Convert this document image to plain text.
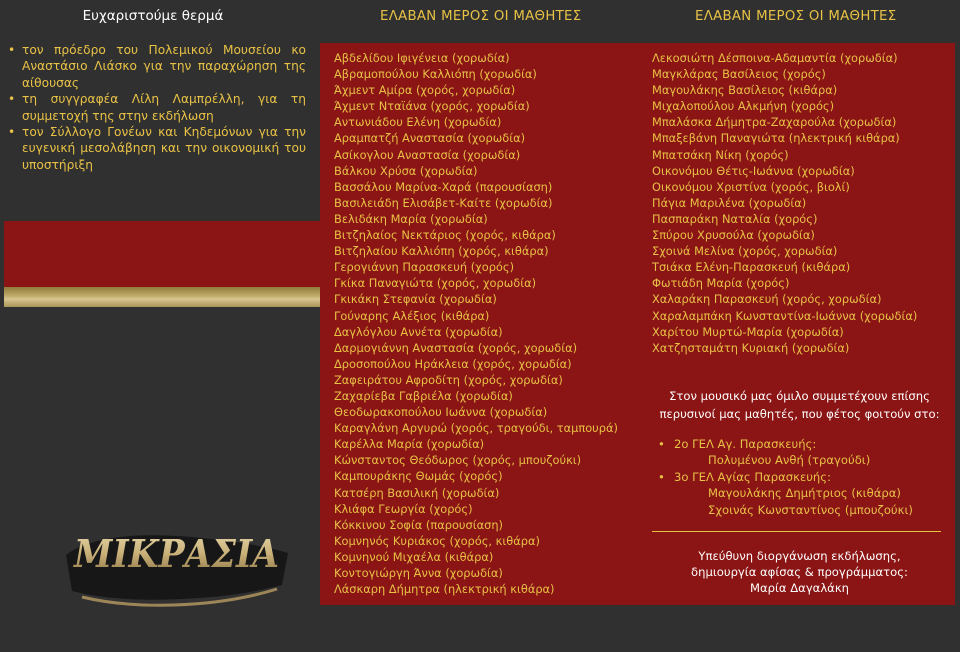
Ευχαριστούμε θερμά
• τον πρόεδρο του Πολεμικού Μουσείου κο Αναστάσιο Λιάσκο για την παραχώρηση της αίθουσας
• τη συγγραφέα Λίλη Λαμπρέλλη, για τη συμμετοχή της στην εκδήλωση
• τον Σύλλογο Γονέων και Κηδεμόνων για την ευγενική μεσολάβηση και την οικονομική του υποστήριξη
ΜΙΚΡΑΣΙΑ
ΕΛΑΒΑΝ ΜΕΡΟΣ ΟΙ ΜΑΘΗΤΕΣ	ΕΛΑΒΑΝ ΜΕΡΟΣ ΟΙ ΜΑΘΗΤΕΣ
Αβδελίδου Ιφιγένεια (χορωδία)
Αβραμοπούλου Καλλιόπη (χορωδία)
Άχμεντ Αμίρα (χορός, χορωδία)
Άχμεντ Νταϊάνα (χορός, χορωδία)
Αντωνιάδου Ελένη (χορωδία)
Αραμπατζή Αναστασία (χορωδία)
Ασίκογλου Αναστασία (χορωδία)
Βάλκου Χρύσα (χορωδία)
Βασσάλου Μαρίνα-Χαρά (παρουσίαση)
Βασιλειάδη Ελισάβετ-Καίτε (χορωδία)
Βελιδάκη Μαρία (χορωδία)
Βιτζηλαίος Νεκτάριος (χορός, κιθάρα)
Βιτζηλαίου Καλλιόπη (χορός, κιθάρα)
Γερογιάννη Παρασκευή (χορός)
Γκίκα Παναγιώτα (χορός, χορωδία)
Γκικάκη Στεφανία (χορωδία)
Γούναρης Αλέξιος (κιθάρα)
Δαγλόγλου Αννέτα (χορωδία)
Δαρμογιάννη Αναστασία (χορός, χορωδία)
Δροσοπούλου Ηράκλεια (χορός, χορωδία)
Ζαφειράτου Αφροδίτη (χορός, χορωδία)
Ζαχαρίεβα Γαβριέλα (χορωδία)
Θεοδωρακοπούλου Ιωάννα (χορωδία)
Καραγλάνη Αργυρώ (χορός, τραγούδι, ταμπουρά)
Καρέλλα Μαρία (χορωδία)
Κώνσταντος Θεόδωρος (χορός, μπουζούκι)
Καμπουράκης Θωμάς (χορός)
Κατσέρη Βασιλική (χορωδία)
Κλιάφα Γεωργία (χορός)
Κόκκινου Σοφία (παρουσίαση)
Κομνηνός Κυριάκος (χορός, κιθάρα)
Κομνηνού Μιχαέλα (κιθάρα)
Κοντογιώργη Άννα (χορωδία)
Λάσκαρη Δήμητρα (ηλεκτρική κιθάρα)
Λεκοσιώτη Δέσποινα-Αδαμαντία (χορωδία)
Μαγκλάρας Βασίλειος (χορός)
Μαγουλάκης Βασίλειος (κιθάρα)
Μιχαλοπούλου Αλκμήνη (χορός)
Μπαλάσκα Δήμητρα-Ζαχαρούλα (χορωδία)
Μπαξεβάνη Παναγιώτα (ηλεκτρική κιθάρα)
Μπατσάκη Νίκη (χορός)
Οικονόμου Θέτις-Ιωάννα (χορωδία)
Οικονόμου Χριστίνα (χορός, βιολί)
Πάγια Μαριλένα (χορωδία)
Πασπαράκη Ναταλία (χορός)
Σπύρου Χρυσούλα (χορωδία)
Σχοινά Μελίνα (χορός, χορωδία)
Τσιάκα Ελένη-Παρασκευή (κιθάρα)
Φωτιάδη Μαρία (χορός)
Χαλαράκη Παρασκευή (χορός, χορωδία)
Χαραλαμπάκη Κωνσταντίνα-Ιωάννα (χορωδία)
Χαρίτου Μυρτώ-Μαρία (χορωδία)
Χατζησταμάτη Κυριακή (χορωδία)
Στον μουσικό μας όμιλο συμμετέχουν επίσης περυσινοί μας μαθητές, που φέτος φοιτούν στο:
• 2ο ΓΕΛ Αγ. Παρασκευής:
Πολυμένου Ανθή (τραγούδι)
• 3ο ΓΕΛ Αγίας Παρασκευής:
Μαγουλάκης Δημήτριος (κιθάρα)
Σχοινάς Κωνσταντίνος (μπουζούκι)
Υπεύθυνη διοργάνωση εκδήλωσης,
δημιουργία αφίσας & προγράμματος:
Μαρία Δαγαλάκη
